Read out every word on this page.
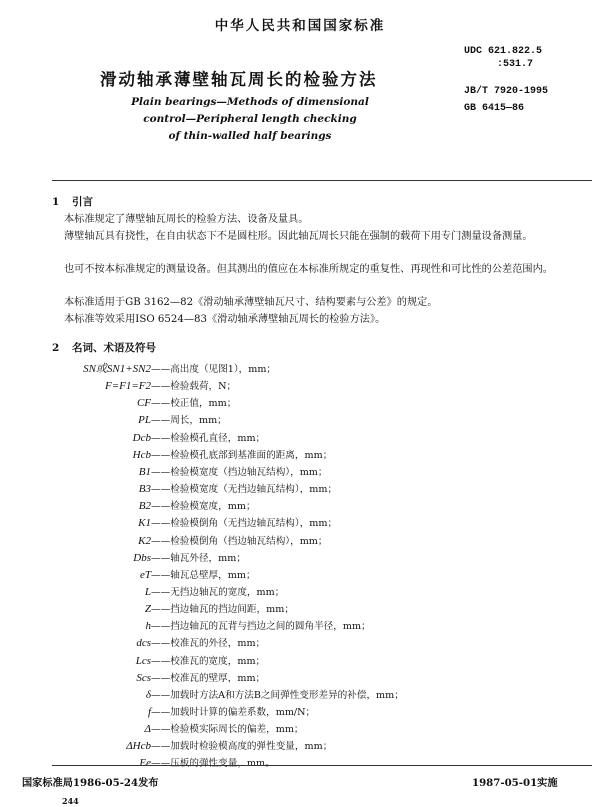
中华人民共和国国家标准
滑动轴承薄壁轴瓦周长的检验方法
Plain bearings—Methods of dimensional
control—Peripheral length checking
of thin-walled half bearings
UDC 621.822.5
:531.7
JB/T 7920-1995
GB 6415—86
1 引言
本标准规定了薄壁轴瓦周长的检验方法、设备及量具。
薄壁轴瓦具有挠性，在自由状态下不是圆柱形。因此轴瓦周长只能在强制的载荷下用专门测量设备测量。
也可不按本标准规定的测量设备。但其测出的值应在本标准所规定的重复性、再现性和可比性的公差范围内。
本标准适用于GB 3162—82《滑动轴承薄壁轴瓦尺寸、结构要素与公差》的规定。
本标准等效采用ISO 6524—83《滑动轴承薄壁轴瓦周长的检验方法》。
2 名词、术语及符号
SN或SN1+SN2 ——高出度（见图1），mm；
F=F1=F2 ——检验载荷，N；
CF ——校正值，mm；
PL ——周长，mm；
Dcb ——检验模孔直径，mm；
Hcb ——检验模孔底部到基准面的距离，mm；
B1 ——检验模宽度（挡边轴瓦结构），mm；
B3 ——检验模宽度（无挡边轴瓦结构），mm；
B2 ——检验模宽度，mm；
K1 ——检验模倒角（无挡边轴瓦结构），mm；
K2 ——检验模倒角（挡边轴瓦结构），mm；
Dbs ——轴瓦外径，mm；
eT ——轴瓦总壁厚，mm；
L ——无挡边轴瓦的宽度，mm；
Z ——挡边轴瓦的挡边间距，mm；
h ——挡边轴瓦的瓦背与挡边之间的圆角半径，mm；
dcs ——校准瓦的外径，mm；
Lcs ——校准瓦的宽度，mm；
Scs ——校准瓦的壁厚，mm；
δ ——加载时方法A和方法B之间弹性变形差异的补偿，mm；
f ——加载时计算的偏差系数，mm/N；
Δ ——检验模实际周长的偏差，mm；
ΔHcb ——加载时检验模高度的弹性变量，mm；
Ee ——压板的弹性变量，mm。
国家标准局1986-05-24发布	1987-05-01实施
244
